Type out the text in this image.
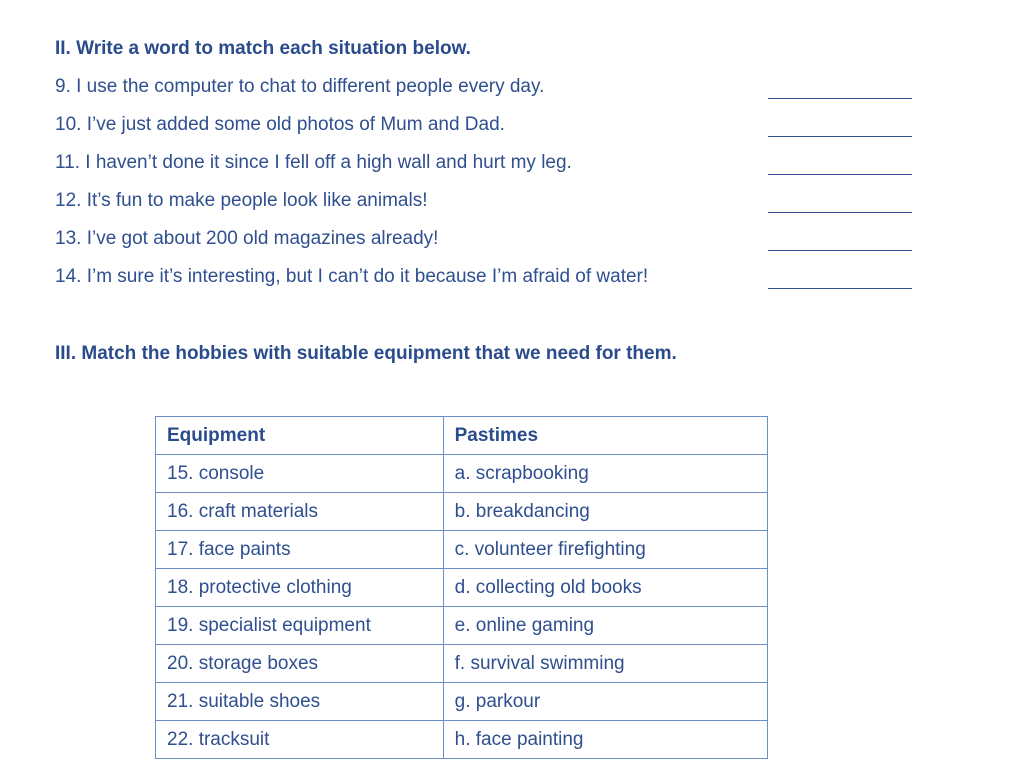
II. Write a word to match each situation below.
9. I use the computer to chat to different people every day.
10. I’ve just added some old photos of Mum and Dad.
11. I haven’t done it since I fell off a high wall and hurt my leg.
12. It’s fun to make people look like animals!
13. I’ve got about 200 old magazines already!
14. I’m sure it’s interesting, but I can’t do it because I’m afraid of water!
III. Match the hobbies with suitable equipment that we need for them.
Equipment	Pastimes
15. console	a. scrapbooking
16. craft materials	b. breakdancing
17. face paints	c. volunteer firefighting
18. protective clothing	d. collecting old books
19. specialist equipment	e. online gaming
20. storage boxes	f. survival swimming
21. suitable shoes	g. parkour
22. tracksuit	h. face painting
